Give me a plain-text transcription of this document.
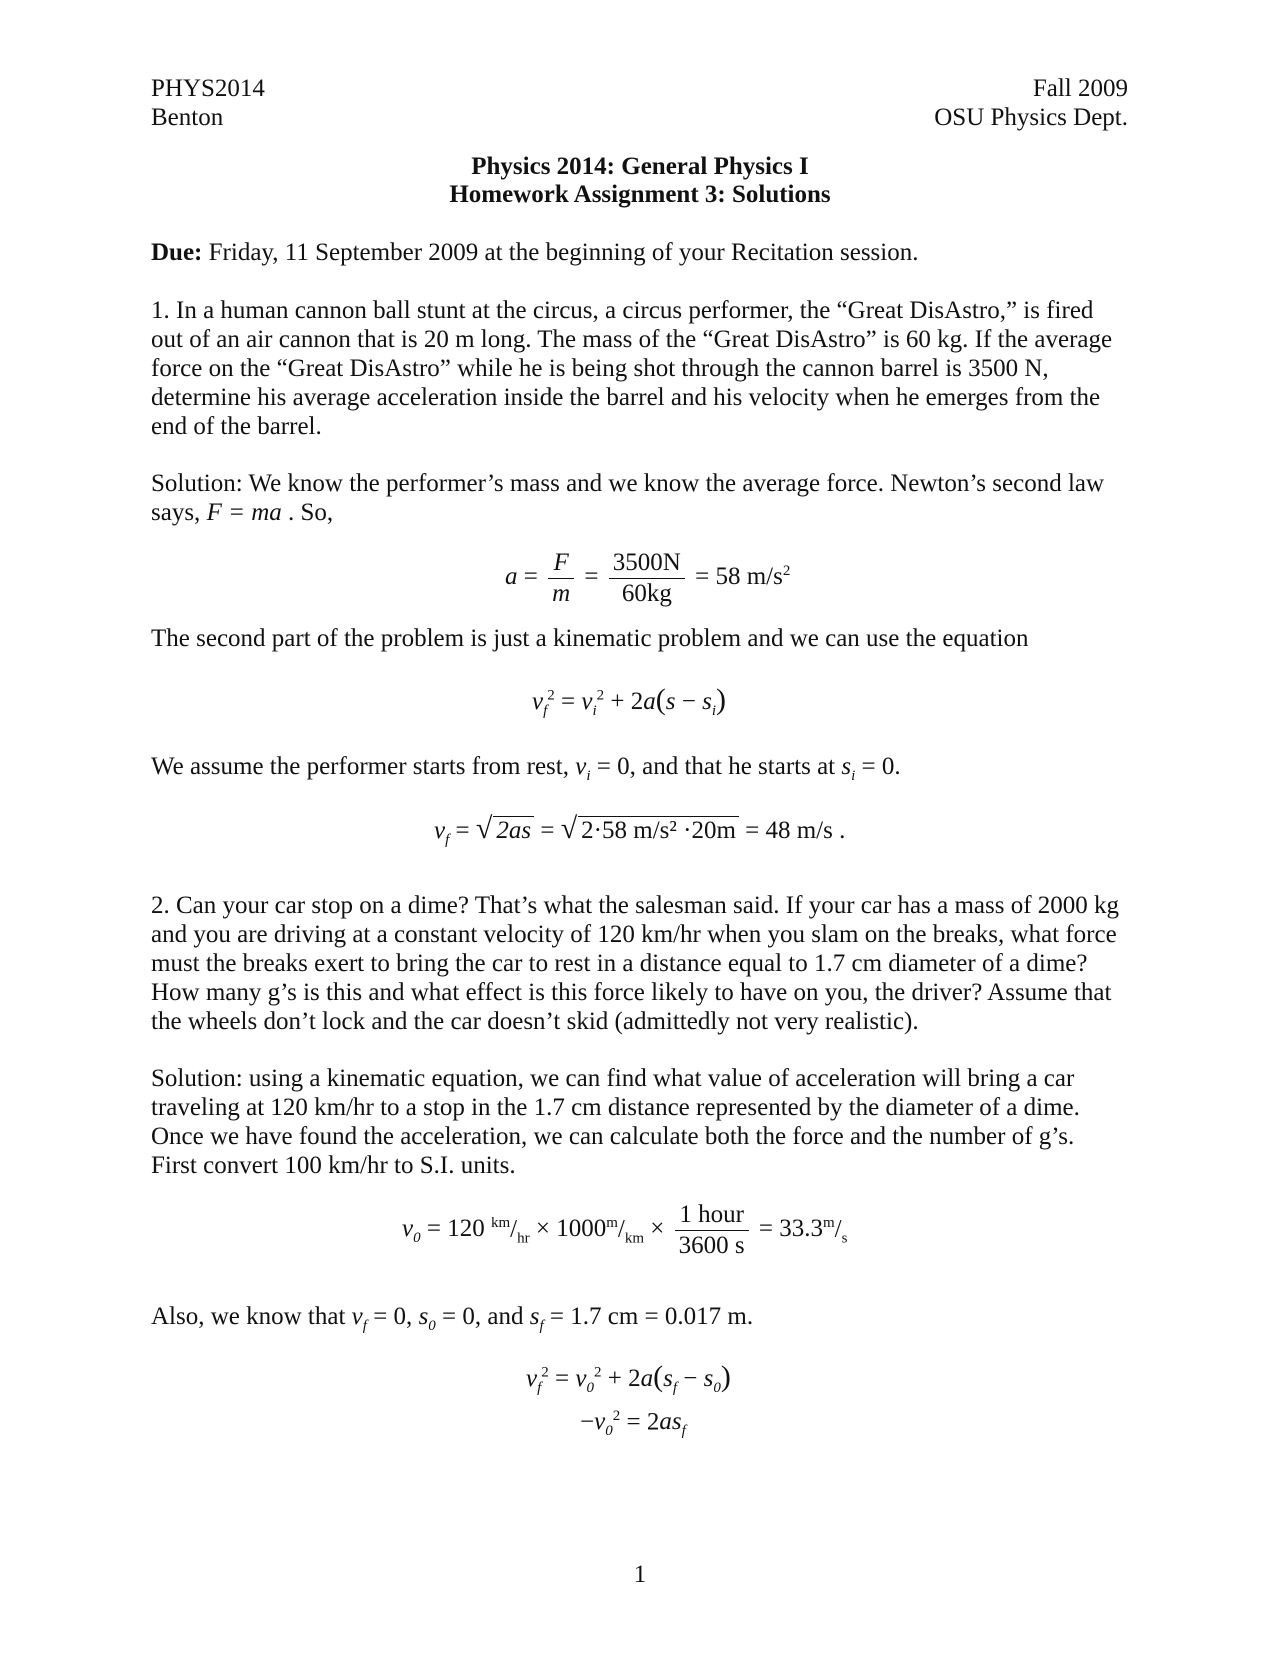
PHYS2014
Benton
Fall 2009
OSU Physics Dept.
Physics 2014: General Physics I
Homework Assignment 3: Solutions
Due: Friday, 11 September 2009 at the beginning of your Recitation session.
1. In a human cannon ball stunt at the circus, a circus performer, the “Great DisAstro,” is fired
out of an air cannon that is 20 m long. The mass of the “Great DisAstro” is 60 kg. If the average
force on the “Great DisAstro” while he is being shot through the cannon barrel is 3500 N,
determine his average acceleration inside the barrel and his velocity when he emerges from the
end of the barrel.
Solution: We know the performer’s mass and we know the average force. Newton’s second law
says, F = ma . So,
$a = \frac{F}{m} = \frac{3500N}{60kg} = 58$ $m/s^2$
The second part of the problem is just a kinematic problem and we can use the equation
$v_f^2 = v_i^2 + 2a(s - s_i)$
We assume the performer starts from rest, $v_i = 0$, and that he starts at $s_i = 0$.
$v_f$ = √ 2as = √ 2·58 m/s² ·20m = 48 m/s .
2. Can your car stop on a dime? That’s what the salesman said. If your car has a mass of 2000 kg
and you are driving at a constant velocity of 120 km/hr when you slam on the breaks, what force
must the breaks exert to bring the car to rest in a distance equal to 1.7 cm diameter of a dime?
How many g’s is this and what effect is this force likely to have on you, the driver? Assume that
the wheels don’t lock and the car doesn’t skid (admittedly not very realistic).
Solution: using a kinematic equation, we can find what value of acceleration will bring a car
traveling at 120 km/hr to a stop in the 1.7 cm distance represented by the diameter of a dime.
Once we have found the acceleration, we can calculate both the force and the number of g’s.
First convert 100 km/hr to S.I. units.
$v_0 = 120$ $^{km}/_{hr} \times 1000^m/_{km} \times \frac{\text{1 hour}}{3600 s} = 33.3^m/_s$
Also, we know that $v_f = 0$, $s_0 = 0$, and $s_f = 1.7$ cm = 0.017 m.
$v_f^2 = v_0^2 + 2a(s_f - s_0)$
$-v_0^2 = 2as_f$
1
